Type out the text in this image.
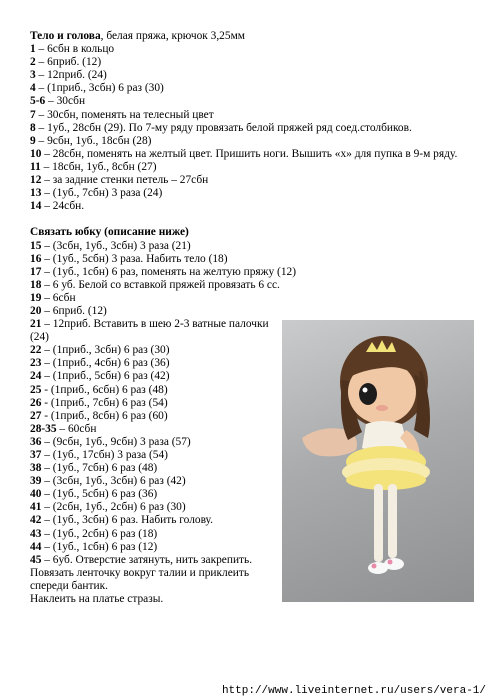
Тело и голова, белая пряжа, крючок 3,25мм
1 – 6сбн в кольцо
2 – 6приб. (12)
3 – 12приб. (24)
4 – (1приб., 3сбн) 6 раз (30)
5-6 – 30сбн
7 – 30сбн, поменять на телесный цвет
8 – 1уб., 28сбн (29). По 7-му ряду провязать белой пряжей ряд соед.столбиков.
9 – 9сбн, 1уб., 18сбн (28)
10 – 28сбн, поменять на желтый цвет. Пришить ноги. Вышить «х» для пупка в 9-м ряду.
11 – 18сбн, 1уб., 8сбн (27)
12 – за задние стенки петель – 27сбн
13 – (1уб., 7сбн) 3 раза (24)
14 – 24сбн.
Связать юбку (описание ниже)
15 – (3сбн, 1уб., 3сбн) 3 раза (21)
16 – (1уб., 5сбн) 3 раза. Набить тело (18)
17 – (1уб., 1сбн) 6 раз, поменять на желтую пряжу (12)
18 – 6 уб. Белой со вставкой пряжей провязать 6 сс.
19 – 6сбн
20 – 6приб. (12)
21 – 12приб. Вставить в шею 2-3 ватные палочки (24)
22 – (1приб., 3сбн) 6 раз (30)
23 – (1приб., 4сбн) 6 раз (36)
24 – (1приб., 5сбн) 6 раз (42)
25 - (1приб., 6сбн) 6 раз (48)
26 - (1приб., 7сбн) 6 раз (54)
27 - (1приб., 8сбн) 6 раз (60)
28-35 – 60сбн
36 – (9сбн, 1уб., 9сбн) 3 раза (57)
37 – (1уб., 17сбн) 3 раза (54)
38 – (1уб., 7сбн) 6 раз (48)
39 – (3сбн, 1уб., 3сбн) 6 раз (42)
40 – (1уб., 5сбн) 6 раз (36)
41 – (2сбн, 1уб., 2сбн) 6 раз (30)
42 – (1уб., 3сбн) 6 раз. Набить голову.
43 – (1уб., 2сбн) 6 раз (18)
44 – (1уб., 1сбн) 6 раз (12)
45 – 6уб. Отверстие затянуть, нить закрепить.
Повязать ленточку вокруг талии и приклеить спереди бантик.
Наклеить на платье стразы.
http://www.liveinternet.ru/users/vera-1/
